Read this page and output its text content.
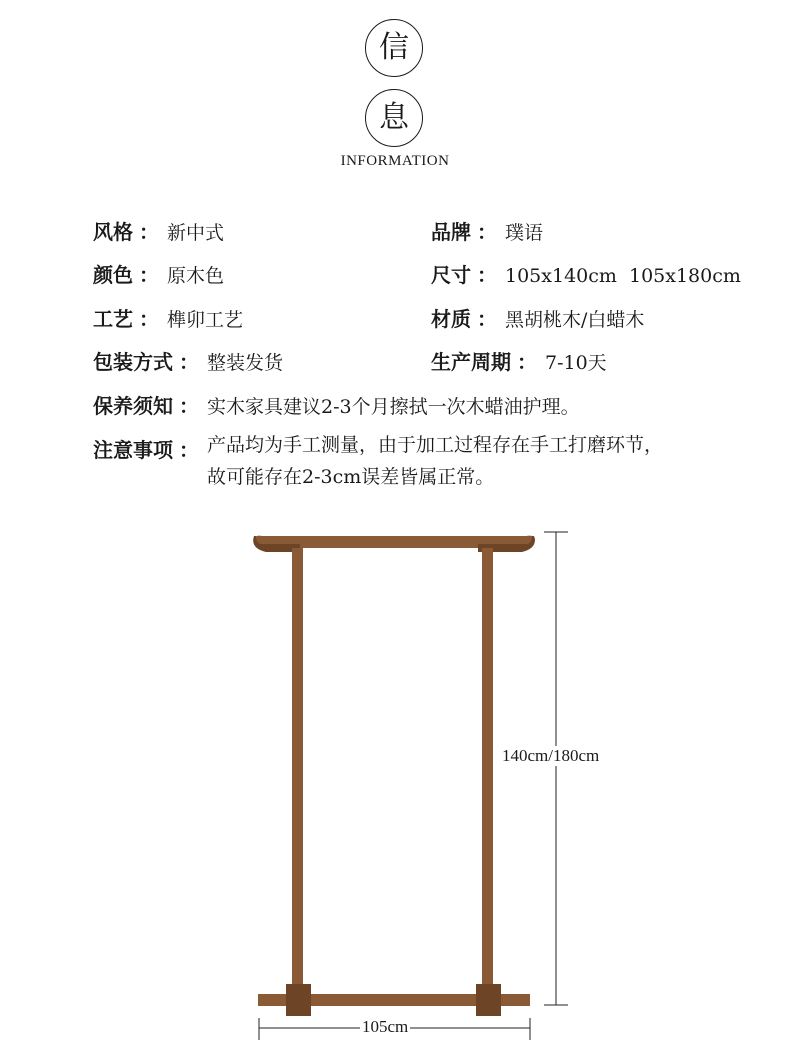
信
息
INFORMATION
风格 ： 新中式	品牌 ： 璞语
颜色 ： 原木色	尺寸 ： 105x140cm  105x180cm
工艺 ： 榫卯工艺	材质 ： 黑胡桃木/白蜡木
包装方式 ： 整装发货	生产周期 ： 7-10天
保养须知 ： 实木家具建议2-3个月擦拭一次木蜡油护理。
注意事项 ： 产品均为手工测量，由于加工过程存在手工打磨环节，
故可能存在2-3cm误差皆属正常。
140cm/180cm
105cm
